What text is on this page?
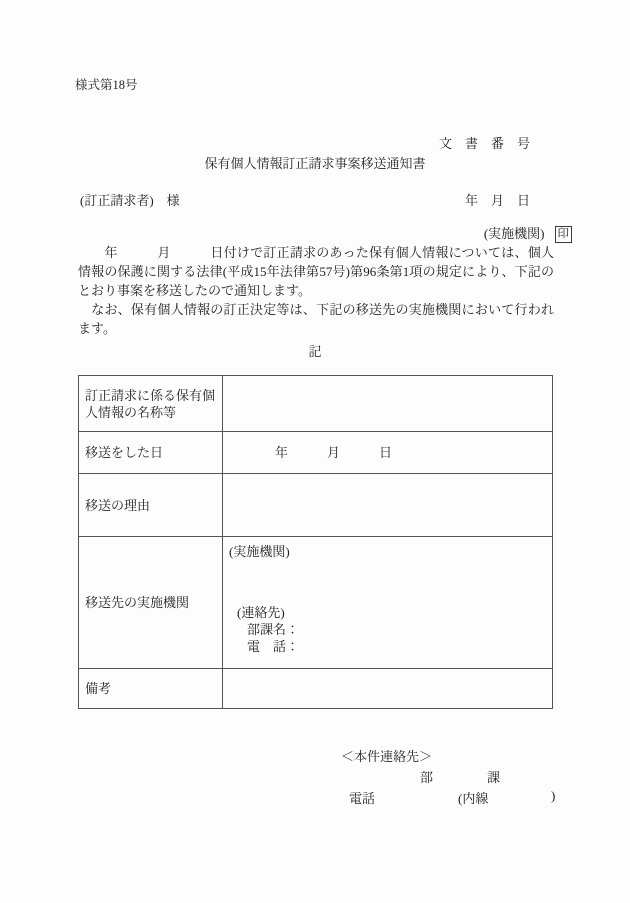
様式第18号

文　書　番　号

年　月　日

保有個人情報訂正請求事案移送通知書
(訂正請求者)　様

(実施機関) 印

　　年　　　月　　　日付けで訂正請求のあった保有個人情報については、個人情報の保護に関する法律(平成15年法律第57号)第96条第1項の規定により、下記のとおり事案を移送したので通知します。

　なお、保有個人情報の訂正決定等は、下記の移送先の実施機関において行われます。

記
訂正請求に係る保有個人情報の名称等	
移送をした日	年　　　月　　　日
移送の理由	
移送先の実施機関	(実施機関)
(連絡先)
部課名：
電　話：

備考	
＜本件連絡先＞
部	課
電話	(内線	)
